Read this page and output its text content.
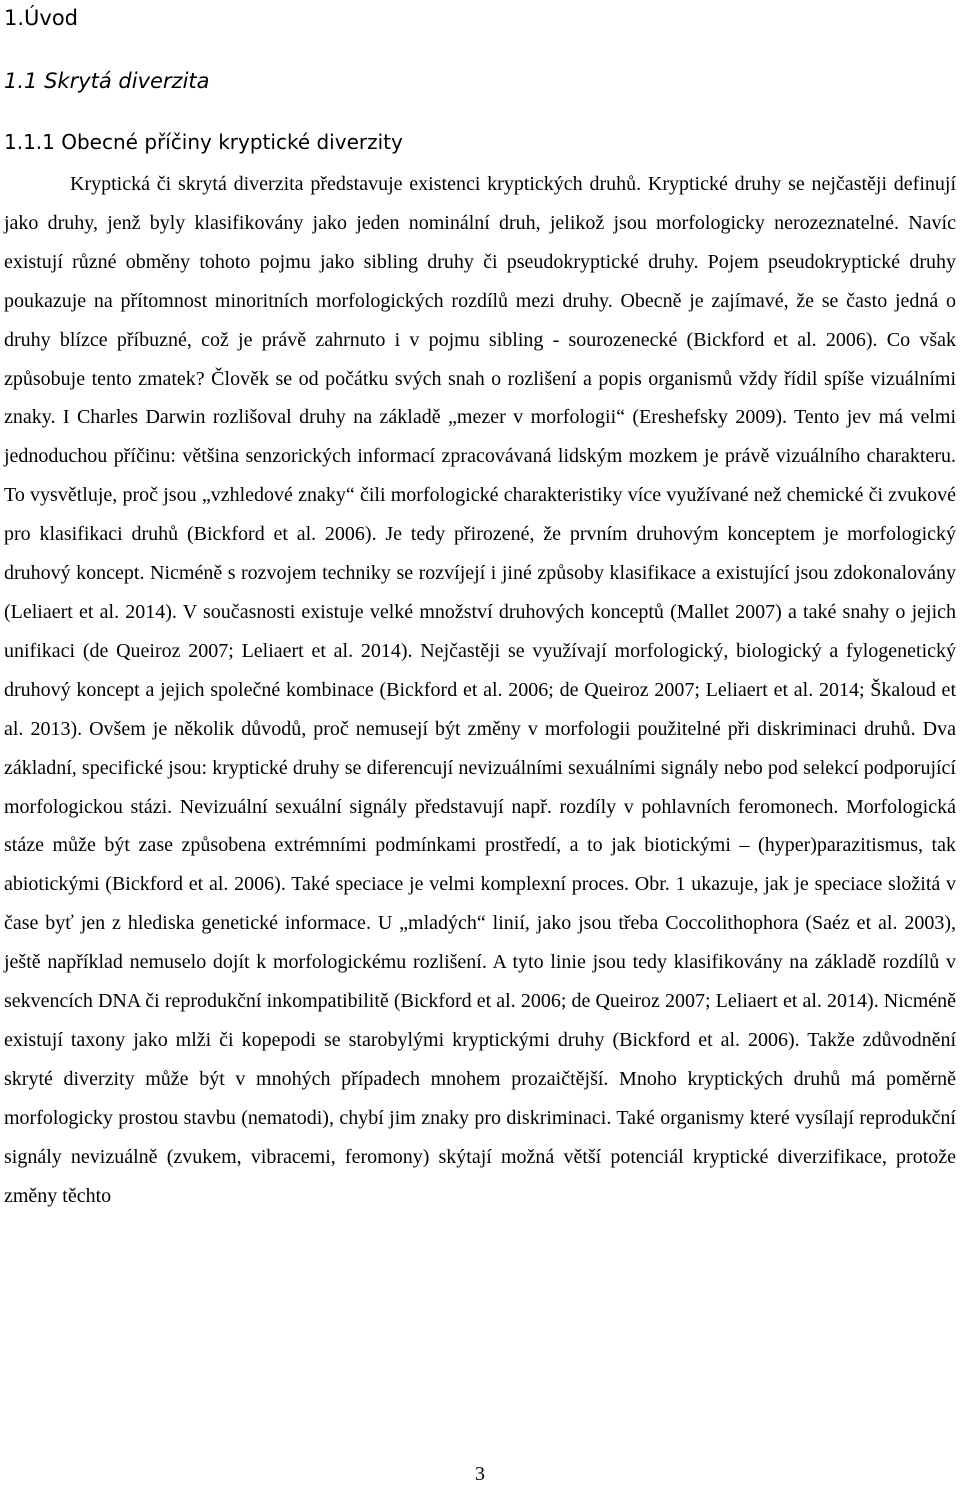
1.Úvod
1.1 Skrytá diverzita
1.1.1 Obecné příčiny kryptické diverzity

Kryptická či skrytá diverzita představuje existenci kryptických druhů. Kryptické druhy se nejčastěji definují jako druhy, jenž byly klasifikovány jako jeden nominální druh, jelikož jsou morfologicky nerozeznatelné. Navíc existují různé obměny tohoto pojmu jako sibling druhy či pseudokryptické druhy. Pojem pseudokryptické druhy poukazuje na přítomnost minoritních morfologických rozdílů mezi druhy. Obecně je zajímavé, že se často jedná o druhy blízce příbuzné, což je právě zahrnuto i v pojmu sibling - sourozenecké (Bickford et al. 2006). Co však způsobuje tento zmatek? Člověk se od počátku svých snah o rozlišení a popis organismů vždy řídil spíše vizuálními znaky. I Charles Darwin rozlišoval druhy na základě „mezer v morfologii“ (Ereshefsky 2009). Tento jev má velmi jednoduchou příčinu: většina senzorických informací zpracovávaná lidským mozkem je právě vizuálního charakteru. To vysvětluje, proč jsou „vzhledové znaky“ čili morfologické charakteristiky více využívané než chemické či zvukové pro klasifikaci druhů (Bickford et al. 2006). Je tedy přirozené, že prvním druhovým konceptem je morfologický druhový koncept. Nicméně s rozvojem techniky se rozvíjejí i jiné způsoby klasifikace a existující jsou zdokonalovány (Leliaert et al. 2014). V současnosti existuje velké množství druhových konceptů (Mallet 2007) a také snahy o jejich unifikaci (de Queiroz 2007; Leliaert et al. 2014). Nejčastěji se využívají morfologický, biologický a fylogenetický druhový koncept a jejich společné kombinace (Bickford et al. 2006; de Queiroz 2007; Leliaert et al. 2014; Škaloud et al. 2013). Ovšem je několik důvodů, proč nemusejí být změny v morfologii použitelné při diskriminaci druhů. Dva základní, specifické jsou: kryptické druhy se diferencují nevizuálními sexuálními signály nebo pod selekcí podporující morfologickou stázi. Nevizuální sexuální signály představují např. rozdíly v pohlavních feromonech. Morfologická stáze může být zase způsobena extrémními podmínkami prostředí, a to jak biotickými – (hyper)parazitismus, tak abiotickými (Bickford et al. 2006). Také speciace je velmi komplexní proces. Obr. 1 ukazuje, jak je speciace složitá v čase byť jen z hlediska genetické informace. U „mladých“ linií, jako jsou třeba Coccolithophora (Saéz et al. 2003), ještě například nemuselo dojít k morfologickému rozlišení. A tyto linie jsou tedy klasifikovány na základě rozdílů v sekvencích DNA či reprodukční inkompatibilitě (Bickford et al. 2006; de Queiroz 2007; Leliaert et al. 2014). Nicméně existují taxony jako mlži či kopepodi se starobylými kryptickými druhy (Bickford et al. 2006). Takže zdůvodnění skryté diverzity může být v mnohých případech mnohem prozaičtější. Mnoho kryptických druhů má poměrně morfologicky prostou stavbu (nematodi), chybí jim znaky pro diskriminaci. Také organismy které vysílají reprodukční signály nevizuálně (zvukem, vibracemi, feromony) skýtají možná větší potenciál kryptické diverzifikace, protože změny těchto

3
